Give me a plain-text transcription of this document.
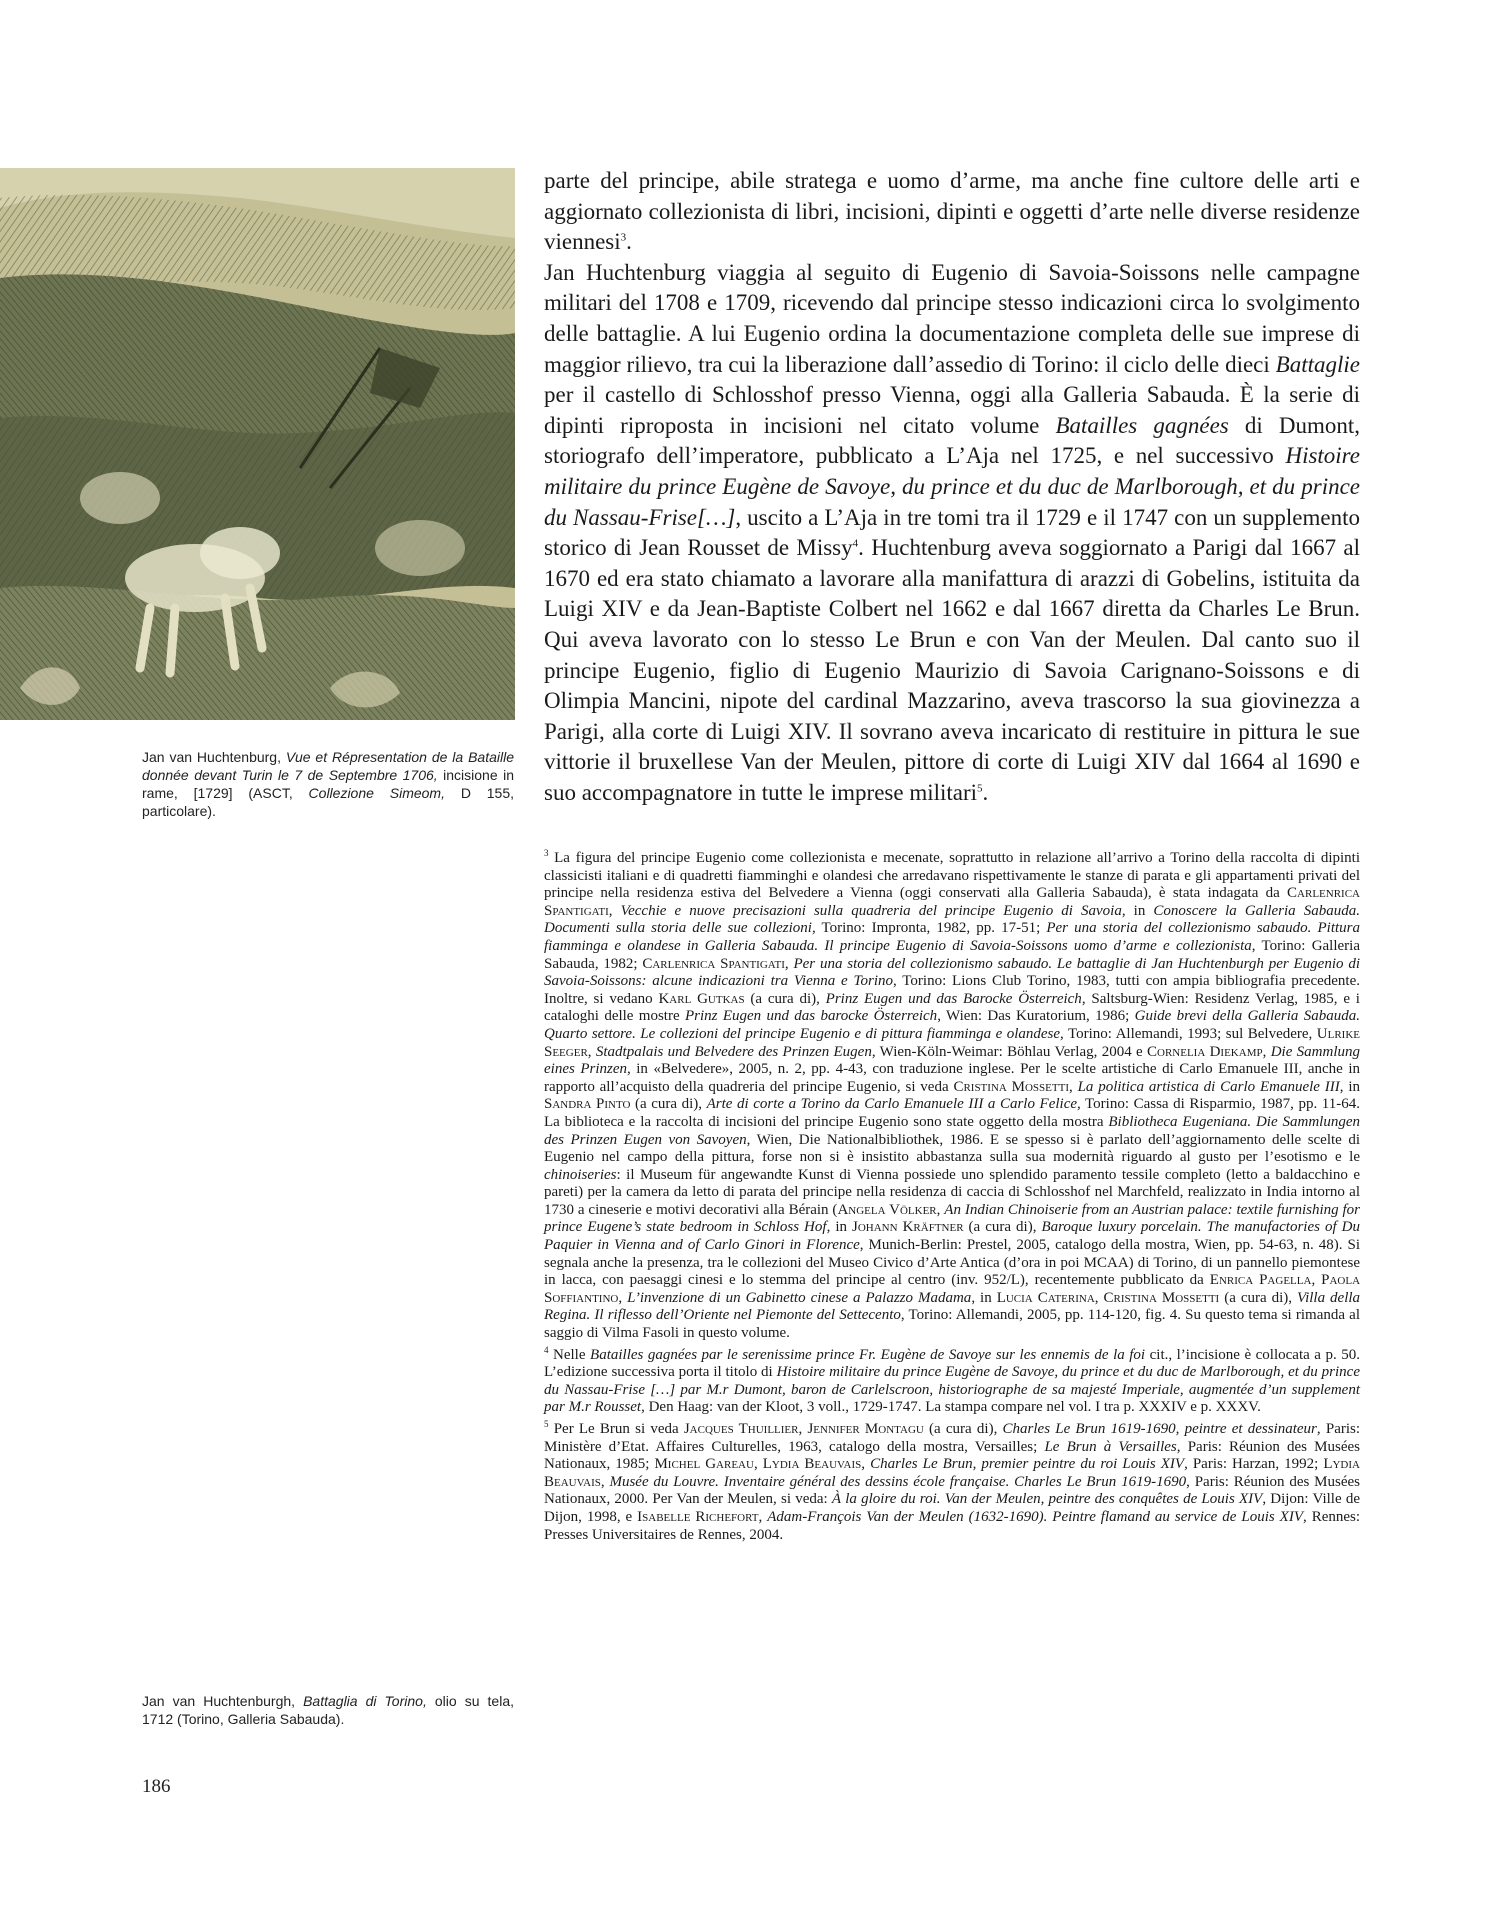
Jan van Huchtenburg, Vue et Répresentation de la Bataille donnée devant Turin le 7 de Septembre 1706, incisione in rame, [1729] (ASCT, Collezione Simeom, D 155, particolare).

parte del principe, abile stratega e uomo d’arme, ma anche fine cultore delle arti e aggiornato collezionista di libri, incisioni, dipinti e oggetti d’arte nelle diverse residenze viennesi$^3$.

Jan Huchtenburg viaggia al seguito di Eugenio di Savoia-Soissons nelle campagne militari del 1708 e 1709, ricevendo dal principe stesso indicazioni circa lo svolgimento delle battaglie. A lui Eugenio ordina la documentazione completa delle sue imprese di maggior rilievo, tra cui la liberazione dall’assedio di Torino: il ciclo delle dieci Battaglie per il castello di Schlosshof presso Vienna, oggi alla Galleria Sabauda. È la serie di dipinti riproposta in incisioni nel citato volume Batailles gagnées di Dumont, storiografo dell’imperatore, pubblicato a L’Aja nel 1725, e nel successivo Histoire militaire du prince Eugène de Savoye, du prince et du duc de Marlborough, et du prince du Nassau-Frise[…], uscito a L’Aja in tre tomi tra il 1729 e il 1747 con un supplemento storico di Jean Rousset de Missy$^4$. Huchtenburg aveva soggiornato a Parigi dal 1667 al 1670 ed era stato chiamato a lavorare alla manifattura di arazzi di Gobelins, istituita da Luigi XIV e da Jean-Baptiste Colbert nel 1662 e dal 1667 diretta da Charles Le Brun. Qui aveva lavorato con lo stesso Le Brun e con Van der Meulen. Dal canto suo il principe Eugenio, figlio di Eugenio Maurizio di Savoia Carignano-Soissons e di Olimpia Mancini, nipote del cardinal Mazzarino, aveva trascorso la sua giovinezza a Parigi, alla corte di Luigi XIV. Il sovrano aveva incaricato di restituire in pittura le sue vittorie il bruxellese Van der Meulen, pittore di corte di Luigi XIV dal 1664 al 1690 e suo accompagnatore in tutte le imprese militari$^5$.

$^3$ La figura del principe Eugenio come collezionista e mecenate, soprattutto in relazione all’arrivo a Torino della raccolta di dipinti classicisti italiani e di quadretti fiamminghi e olandesi che arredavano rispettivamente le stanze di parata e gli appartamenti privati del principe nella residenza estiva del Belvedere a Vienna (oggi conservati alla Galleria Sabauda), è stata indagata da Carlenrica Spantigati, Vecchie e nuove precisazioni sulla quadreria del principe Eugenio di Savoia, in Conoscere la Galleria Sabauda. Documenti sulla storia delle sue collezioni, Torino: Impronta, 1982, pp. 17-51; Per una storia del collezionismo sabaudo. Pittura fiamminga e olandese in Galleria Sabauda. Il principe Eugenio di Savoia-Soissons uomo d’arme e collezionista, Torino: Galleria Sabauda, 1982; Carlenrica Spantigati, Per una storia del collezionismo sabaudo. Le battaglie di Jan Huchtenburgh per Eugenio di Savoia-Soissons: alcune indicazioni tra Vienna e Torino, Torino: Lions Club Torino, 1983, tutti con ampia bibliografia precedente. Inoltre, si vedano Karl Gutkas (a cura di), Prinz Eugen und das Barocke Österreich, Saltsburg-Wien: Residenz Verlag, 1985, e i cataloghi delle mostre Prinz Eugen und das barocke Österreich, Wien: Das Kuratorium, 1986; Guide brevi della Galleria Sabauda. Quarto settore. Le collezioni del principe Eugenio e di pittura fiamminga e olandese, Torino: Allemandi, 1993; sul Belvedere, Ulrike Seeger, Stadtpalais und Belvedere des Prinzen Eugen, Wien-Köln-Weimar: Böhlau Verlag, 2004 e Cornelia Diekamp, Die Sammlung eines Prinzen, in «Belvedere», 2005, n. 2, pp. 4-43, con traduzione inglese. Per le scelte artistiche di Carlo Emanuele III, anche in rapporto all’acquisto della quadreria del principe Eugenio, si veda Cristina Mossetti, La politica artistica di Carlo Emanuele III, in Sandra Pinto (a cura di), Arte di corte a Torino da Carlo Emanuele III a Carlo Felice, Torino: Cassa di Risparmio, 1987, pp. 11-64. La biblioteca e la raccolta di incisioni del principe Eugenio sono state oggetto della mostra Bibliotheca Eugeniana. Die Sammlungen des Prinzen Eugen von Savoyen, Wien, Die Nationalbibliothek, 1986. E se spesso si è parlato dell’aggiornamento delle scelte di Eugenio nel campo della pittura, forse non si è insistito abbastanza sulla sua modernità riguardo al gusto per l’esotismo e le chinoiseries: il Museum für angewandte Kunst di Vienna possiede uno splendido paramento tessile completo (letto a baldacchino e pareti) per la camera da letto di parata del principe nella residenza di caccia di Schlosshof nel Marchfeld, realizzato in India intorno al 1730 a cineserie e motivi decorativi alla Bérain (Angela Völker, An Indian Chinoiserie from an Austrian palace: textile furnishing for prince Eugene’s state bedroom in Schloss Hof, in Johann Kräftner (a cura di), Baroque luxury porcelain. The manufactories of Du Paquier in Vienna and of Carlo Ginori in Florence, Munich-Berlin: Prestel, 2005, catalogo della mostra, Wien, pp. 54-63, n. 48). Si segnala anche la presenza, tra le collezioni del Museo Civico d’Arte Antica (d’ora in poi MCAA) di Torino, di un pannello piemontese in lacca, con paesaggi cinesi e lo stemma del principe al centro (inv. 952/L), recentemente pubblicato da Enrica Pagella, Paola Soffiantino, L’invenzione di un Gabinetto cinese a Palazzo Madama, in Lucia Caterina, Cristina Mossetti (a cura di), Villa della Regina. Il riflesso dell’Oriente nel Piemonte del Settecento, Torino: Allemandi, 2005, pp. 114-120, fig. 4. Su questo tema si rimanda al saggio di Vilma Fasoli in questo volume.

$^4$ Nelle Batailles gagnées par le serenissime prince Fr. Eugène de Savoye sur les ennemis de la foi cit., l’incisione è collocata a p. 50. L’edizione successiva porta il titolo di Histoire militaire du prince Eugène de Savoye, du prince et du duc de Marlborough, et du prince du Nassau-Frise […] par M.r Dumont, baron de Carlelscroon, historiographe de sa majesté Imperiale, augmentée d’un supplement par M.r Rousset, Den Haag: van der Kloot, 3 voll., 1729-1747. La stampa compare nel vol. I tra p. XXXIV e p. XXXV.

$^5$ Per Le Brun si veda Jacques Thuillier, Jennifer Montagu (a cura di), Charles Le Brun 1619-1690, peintre et dessinateur, Paris: Ministère d’Etat. Affaires Culturelles, 1963, catalogo della mostra, Versailles; Le Brun à Versailles, Paris: Réunion des Musées Nationaux, 1985; Michel Gareau, Lydia Beauvais, Charles Le Brun, premier peintre du roi Louis XIV, Paris: Harzan, 1992; Lydia Beauvais, Musée du Louvre. Inventaire général des dessins école française. Charles Le Brun 1619-1690, Paris: Réunion des Musées Nationaux, 2000. Per Van der Meulen, si veda: À la gloire du roi. Van der Meulen, peintre des conquêtes de Louis XIV, Dijon: Ville de Dijon, 1998, e Isabelle Richefort, Adam-François Van der Meulen (1632-1690). Peintre flamand au service de Louis XIV, Rennes: Presses Universitaires de Rennes, 2004.

Jan van Huchtenburgh, Battaglia di Torino, olio su tela, 1712 (Torino, Galleria Sabauda).
186
